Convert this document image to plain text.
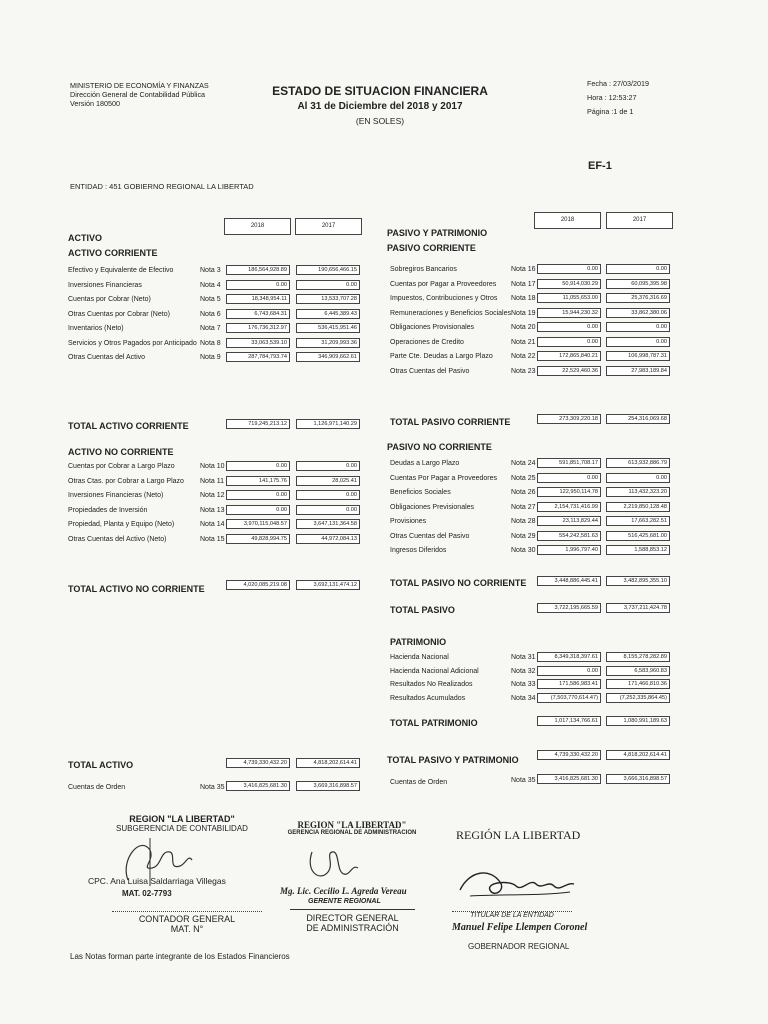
MINISTERIO DE ECONOMÍA Y FINANZAS
Dirección General de Contabilidad Pública
Versión 180500
ESTADO DE SITUACION FINANCIERA
Al 31 de Diciembre del 2018 y 2017
(EN SOLES)
Fecha : 27/03/2019
Hora : 12:53:27
Página :1 de 1
EF-1
ENTIDAD : 451 GOBIERNO REGIONAL LA LIBERTAD
2018	2017
2018	2017
ACTIVO
ACTIVO CORRIENTE
Efectivo y Equivalente de Efectivo	Nota 3	186,564,928.89	190,656,466.15
Inversiones Financieras	Nota 4	0.00	0.00
Cuentas por Cobrar (Neto)	Nota 5	18,348,954.11	13,533,707.28
Otras Cuentas por Cobrar (Neto)	Nota 6	6,743,684.31	6,445,389.43
Inventarios (Neto)	Nota 7	176,736,312.97	536,415,951.46
Servicios y Otros Pagados por Anticipado Nota 8	33,063,539.10	31,209,993.36
Otras Cuentas del Activo	Nota 9	287,784,793.74	346,909,662.61
TOTAL ACTIVO CORRIENTE	719,245,213.12	1,126,971,140.29
ACTIVO NO CORRIENTE
Cuentas por Cobrar a Largo Plazo	Nota 10	0.00	0.00
Otras Ctas. por Cobrar a Largo Plazo Nota 11	141,175.76	28,025.41
Inversiones Financieras (Neto)	Nota 12	0.00	0.00
Propiedades de Inversión	Nota 13	0.00	0.00
Propiedad, Planta y Equipo (Neto)	Nota 14	3,970,115,048.57	3,647,131,364.58
Otras Cuentas del Activo (Neto)	Nota 15	49,828,994.75	44,972,084.13
TOTAL ACTIVO NO CORRIENTE	4,020,085,219.08	3,692,131,474.12
TOTAL ACTIVO	4,739,330,432.20	4,818,202,614.41
Cuentas de Orden	Nota 35	3,416,825,681.30	3,669,316,898.57
PASIVO Y PATRIMONIO
PASIVO CORRIENTE
Sobregiros Bancarios	Nota 16	0.00	0.00
Cuentas por Pagar a Proveedores Nota 17	50,914,030.29	60,095,395.98
Impuestos, Contribuciones y Otros Nota 18	11,055,653.00	25,376,316.69
Remuneraciones y Beneficios Sociales Nota 19	15,944,230.32	33,862,380.06
Obligaciones Provisionales	Nota 20	0.00	0.00
Operaciones de Credito	Nota 21	0.00	0.00
Parte Cte. Deudas a Largo Plazo	Nota 22	172,865,840.21	106,998,787.31
Otras Cuentas del Pasivo	Nota 23	22,529,460.36	27,983,189.84
TOTAL PASIVO CORRIENTE	273,309,220.18	254,316,069.68
PASIVO NO CORRIENTE
Deudas a Largo Plazo	Nota 24	591,851,708.17	613,932,886.79
Cuentas Por Pagar a Proveedores Nota 25	0.00	0.00
Beneficios Sociales	Nota 26	122,950,114.78	113,432,323.20
Obligaciones Previsionales	Nota 27	2,154,731,416.99	2,219,850,128.48
Provisiones	Nota 28	23,113,829.44	17,663,282.51
Otras Cuentas del Pasivo	Nota 29	554,242,581.63	516,425,681.00
Ingresos Diferidos	Nota 30	1,996,797.40	1,588,853.12
TOTAL PASIVO NO CORRIENTE	3,448,886,445.41	3,482,895,355.10
TOTAL PASIVO	3,722,195,665.59	3,737,211,424.78
PATRIMONIO
Hacienda Nacional	Nota 31	8,349,318,397.61	8,155,278,282.89
Hacienda Nacional Adicional	Nota 32	0.00	6,583,960.83
Resultados No Realizados	Nota 33	171,586,983.41	171,466,810.36
Resultados Acumulados	Nota 34	(7,503,770,614.47)	(7,252,335,864.45)
TOTAL PATRIMONIO	1,017,134,766.61	1,080,991,189.63
TOTAL PASIVO Y PATRIMONIO	4,739,330,432.20	4,818,202,614.41
Cuentas de Orden	Nota 35	3,416,825,681.30	3,666,316,898.57
REGION "LA LIBERTAD"
SUBGERENCIA DE CONTABILIDAD
CPC. Ana Luisa Saldarriaga Villegas
MAT. 02-7793
CONTADOR GENERAL
MAT. N°
REGION "LA LIBERTAD"
GERENCIA REGIONAL DE ADMINISTRACION
Mg. Lic. Cecilio L. Agreda Vereau
GERENTE REGIONAL
DIRECTOR GENERAL
DE ADMINISTRACIÓN
REGIÓN LA LIBERTAD
TITULAR DE LA ENTIDAD
Manuel Felipe Llempen Coronel
GOBERNADOR REGIONAL
Las Notas forman parte integrante de los Estados Financieros
